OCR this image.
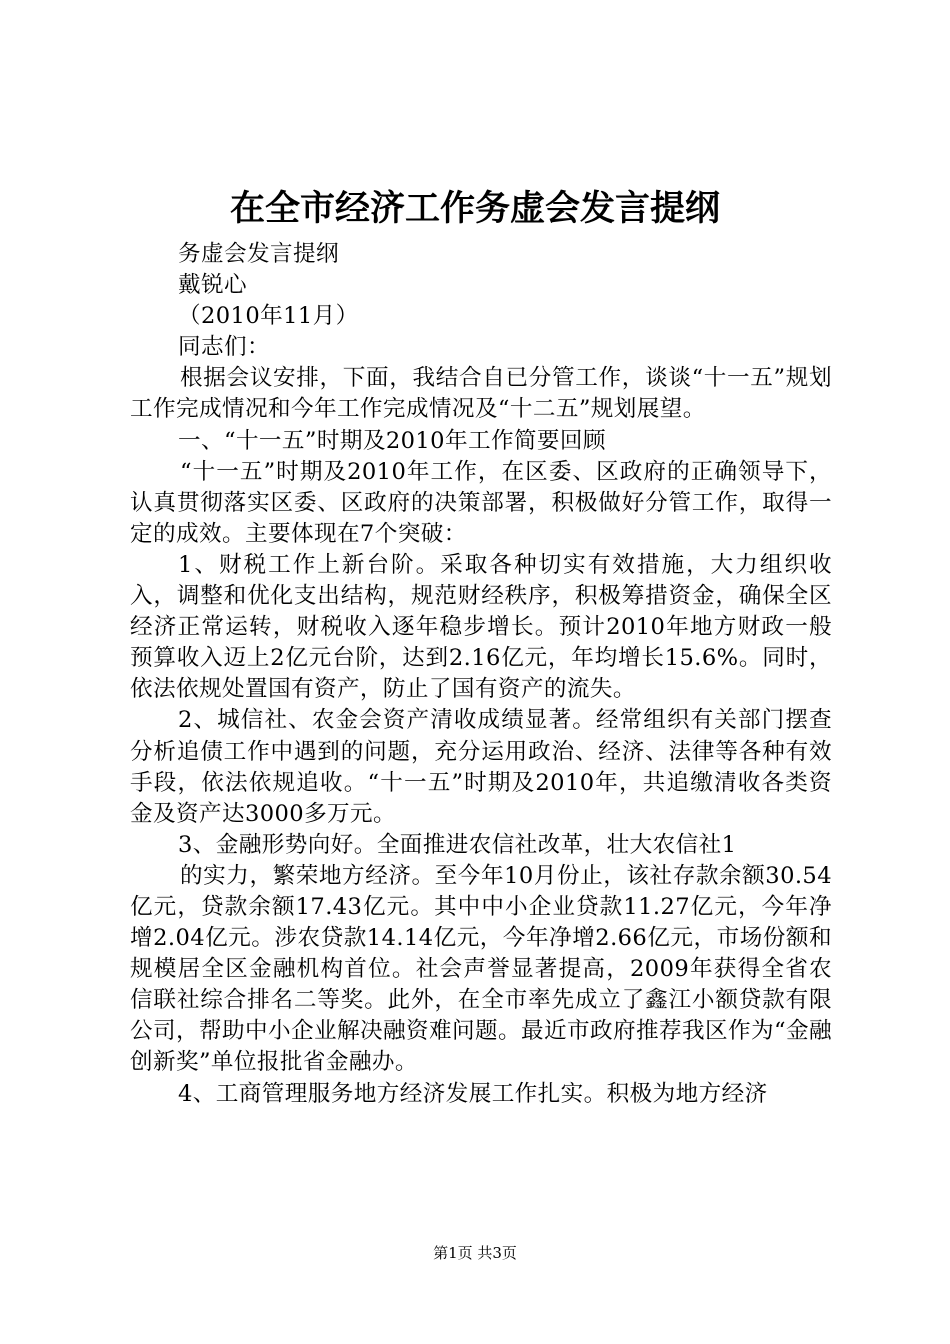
在全市经济工作务虚会发言提纲

务虚会发言提纲

戴锐心

（2010年11月）

同志们：

根据会议安排，下面，我结合自已分管工作，谈谈“十一五”规划工作完成情况和今年工作完成情况及“十二五”规划展望。

一、“十一五”时期及2010年工作简要回顾

“十一五”时期及2010年工作，在区委、区政府的正确领导下，认真贯彻落实区委、区政府的决策部署，积极做好分管工作，取得一定的成效。主要体现在7个突破：

1、财税工作上新台阶。采取各种切实有效措施，大力组织收入，调整和优化支出结构，规范财经秩序，积极筹措资金，确保全区经济正常运转，财税收入逐年稳步增长。预计2010年地方财政一般预算收入迈上2亿元台阶，达到2.16亿元，年均增长15.6%。同时，依法依规处置国有资产，防止了国有资产的流失。

2、城信社、农金会资产清收成绩显著。经常组织有关部门摆查分析追债工作中遇到的问题，充分运用政治、经济、法律等各种有效手段，依法依规追收。“十一五”时期及2010年，共追缴清收各类资金及资产达3000多万元。

3、金融形势向好。全面推进农信社改革，壮大农信社1

的实力，繁荣地方经济。至今年10月份止，该社存款余额30.54亿元，贷款余额17.43亿元。其中中小企业贷款11.27亿元，今年净增2.04亿元。涉农贷款14.14亿元，今年净增2.66亿元，市场份额和规模居全区金融机构首位。社会声誉显著提高，2009年获得全省农信联社综合排名二等奖。此外，在全市率先成立了鑫江小额贷款有限公司，帮助中小企业解决融资难问题。最近市政府推荐我区作为“金融创新奖”单位报批省金融办。

4、工商管理服务地方经济发展工作扎实。积极为地方经济

第1页 共3页
